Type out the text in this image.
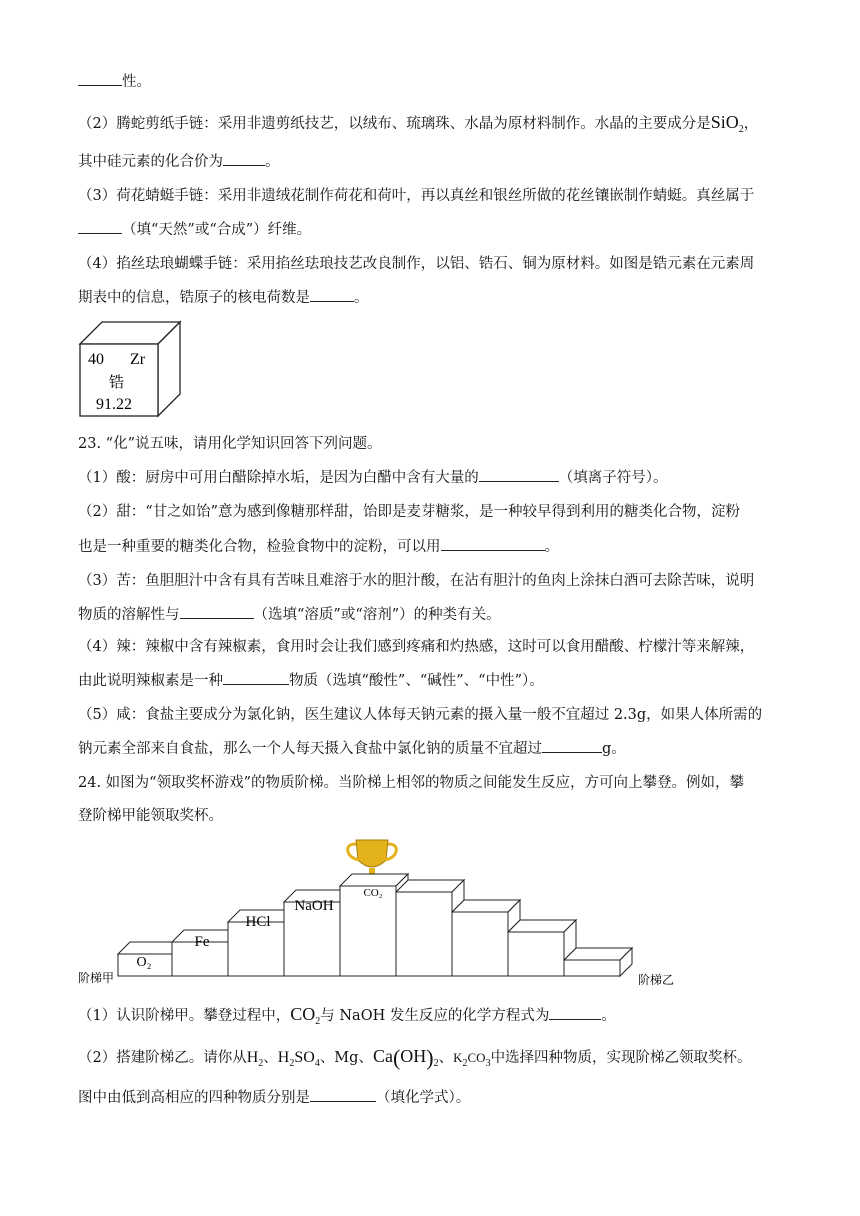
性。
（2）腾蛇剪纸手链：采用非遗剪纸技艺，以绒布、琉璃珠、水晶为原材料制作。水晶的主要成分是SiO$_2$，
其中硅元素的化合价为	。
（3）荷花蜻蜓手链：采用非遗绒花制作荷花和荷叶，再以真丝和银丝所做的花丝镶嵌制作蜻蜓。真丝属于
（填“天然”或“合成”）纤维。
（4）掐丝珐琅蝴蝶手链：采用掐丝珐琅技艺改良制作，以铝、锆石、铜为原材料。如图是锆元素在元素周
期表中的信息，锆原子的核电荷数是	。
40 Zr
锆
91.22
23. “化”说五味，请用化学知识回答下列问题。
（1）酸：厨房中可用白醋除掉水垢，是因为白醋中含有大量的	（填离子符号）。
（2）甜：“甘之如饴”意为感到像糖那样甜，饴即是麦芽糖浆，是一种较早得到利用的糖类化合物，淀粉
也是一种重要的糖类化合物，检验食物中的淀粉，可以用	。
（3）苦：鱼胆胆汁中含有具有苦味且难溶于水的胆汁酸，在沾有胆汁的鱼肉上涂抹白酒可去除苦味，说明
物质的溶解性与	（选填“溶质”或“溶剂”）的种类有关。
（4）辣：辣椒中含有辣椒素，食用时会让我们感到疼痛和灼热感，这时可以食用醋酸、柠檬汁等来解辣，
由此说明辣椒素是一种	物质（选填“酸性”、“碱性”、“中性”）。
（5）咸：食盐主要成分为氯化钠，医生建议人体每天钠元素的摄入量一般不宜超过 2.3g，如果人体所需的
钠元素全部来自食盐，那么一个人每天摄入食盐中氯化钠的质量不宜超过	g。
24. 如图为“领取奖杯游戏”的物质阶梯。当阶梯上相邻的物质之间能发生反应，方可向上攀登。例如，攀
登阶梯甲能领取奖杯。
O₂
Fe
HCl
NaOH
CO₂
阶梯甲	阶梯乙
（1）认识阶梯甲。攀登过程中，$CO_2$与 NaOH 发生反应的化学方程式为	。
（2）搭建阶梯乙。请你从$H_2$、$H_2SO_4$、Mg、$Ca(OH)_2$、$K_2CO_3$中选择四种物质，实现阶梯乙领取奖杯。
图中由低到高相应的四种物质分别是	（填化学式）。
